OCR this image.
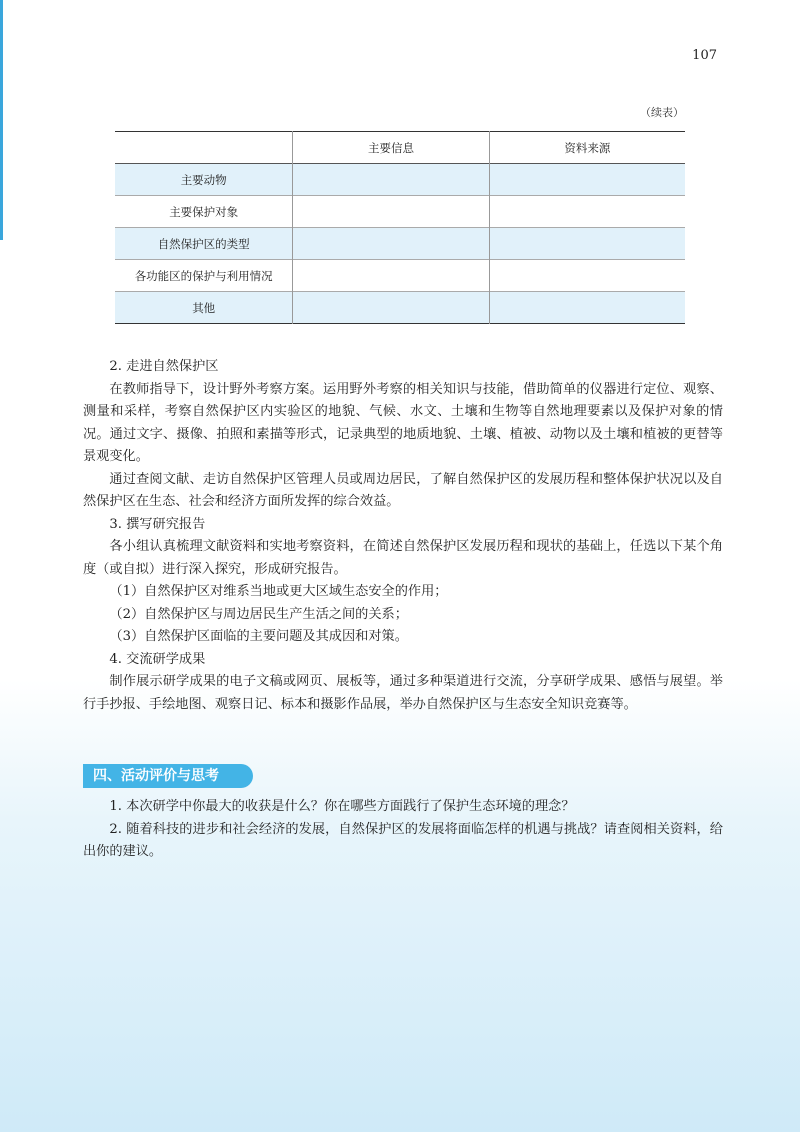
107
（续表）
	主要信息	资料来源
主要动物		
主要保护对象		
自然保护区的类型		
各功能区的保护与利用情况		
其他		
2. 走进自然保护区

在教师指导下，设计野外考察方案。运用野外考察的相关知识与技能，借助简单的仪器进行定位、观察、测量和采样，考察自然保护区内实验区的地貌、气候、水文、土壤和生物等自然地理要素以及保护对象的情况。通过文字、摄像、拍照和素描等形式，记录典型的地质地貌、土壤、植被、动物以及土壤和植被的更替等景观变化。

通过查阅文献、走访自然保护区管理人员或周边居民，了解自然保护区的发展历程和整体保护状况以及自然保护区在生态、社会和经济方面所发挥的综合效益。

3. 撰写研究报告

各小组认真梳理文献资料和实地考察资料，在简述自然保护区发展历程和现状的基础上，任选以下某个角度（或自拟）进行深入探究，形成研究报告。

（1）自然保护区对维系当地或更大区域生态安全的作用；
（2）自然保护区与周边居民生产生活之间的关系；
（3）自然保护区面临的主要问题及其成因和对策。
4. 交流研学成果

制作展示研学成果的电子文稿或网页、展板等，通过多种渠道进行交流，分享研学成果、感悟与展望。举行手抄报、手绘地图、观察日记、标本和摄影作品展，举办自然保护区与生态安全知识竞赛等。

四、活动评价与思考

1. 本次研学中你最大的收获是什么？你在哪些方面践行了保护生态环境的理念？

2. 随着科技的进步和社会经济的发展，自然保护区的发展将面临怎样的机遇与挑战？请查阅相关资料，给出你的建议。
